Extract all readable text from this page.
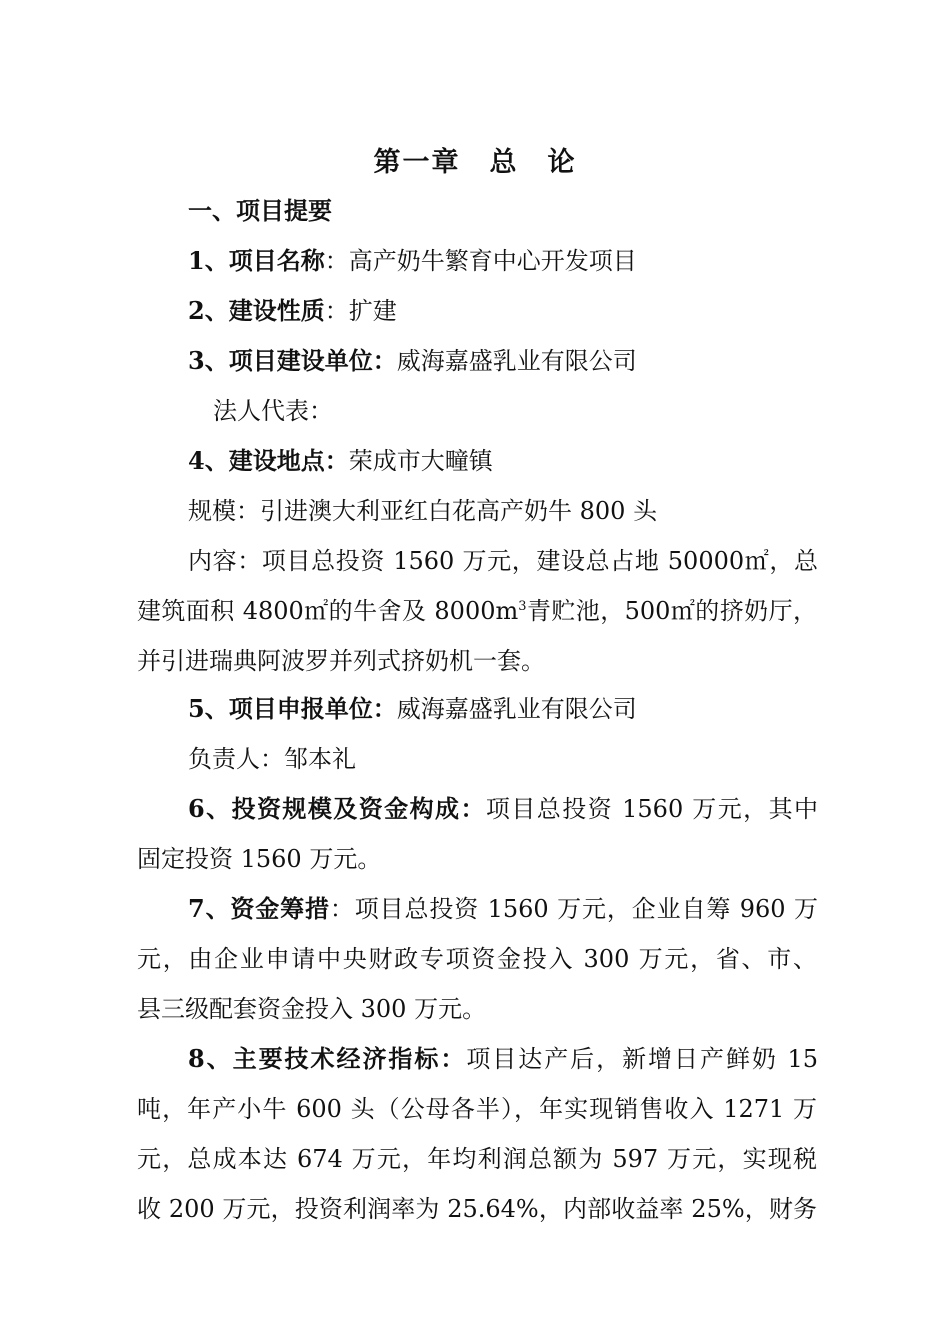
第一章　总　论
一、项目提要
1、项目名称：高产奶牛繁育中心开发项目
2、建设性质：扩建
3、项目建设单位：威海嘉盛乳业有限公司
法人代表：
4、建设地点：荣成市大疃镇
规模：引进澳大利亚红白花高产奶牛 800 头
内容：项目总投资 1560 万元，建设总占地 50000㎡，总
建筑面积 4800㎡的牛舍及 $8000m^3$青贮池，500㎡的挤奶厅，
并引进瑞典阿波罗并列式挤奶机一套。
5、项目申报单位：威海嘉盛乳业有限公司
负责人：邹本礼
6、投资规模及资金构成：项目总投资 1560 万元，其中
固定投资 1560 万元。
7、资金筹措：项目总投资 1560 万元，企业自筹 960 万
元，由企业申请中央财政专项资金投入 300 万元，省、市、
县三级配套资金投入 300 万元。
8、主要技术经济指标：项目达产后，新增日产鲜奶 15
吨，年产小牛 600 头（公母各半），年实现销售收入 1271 万
元，总成本达 674 万元，年均利润总额为 597 万元，实现税
收 200 万元，投资利润率为 25.64%，内部收益率 25%，财务
